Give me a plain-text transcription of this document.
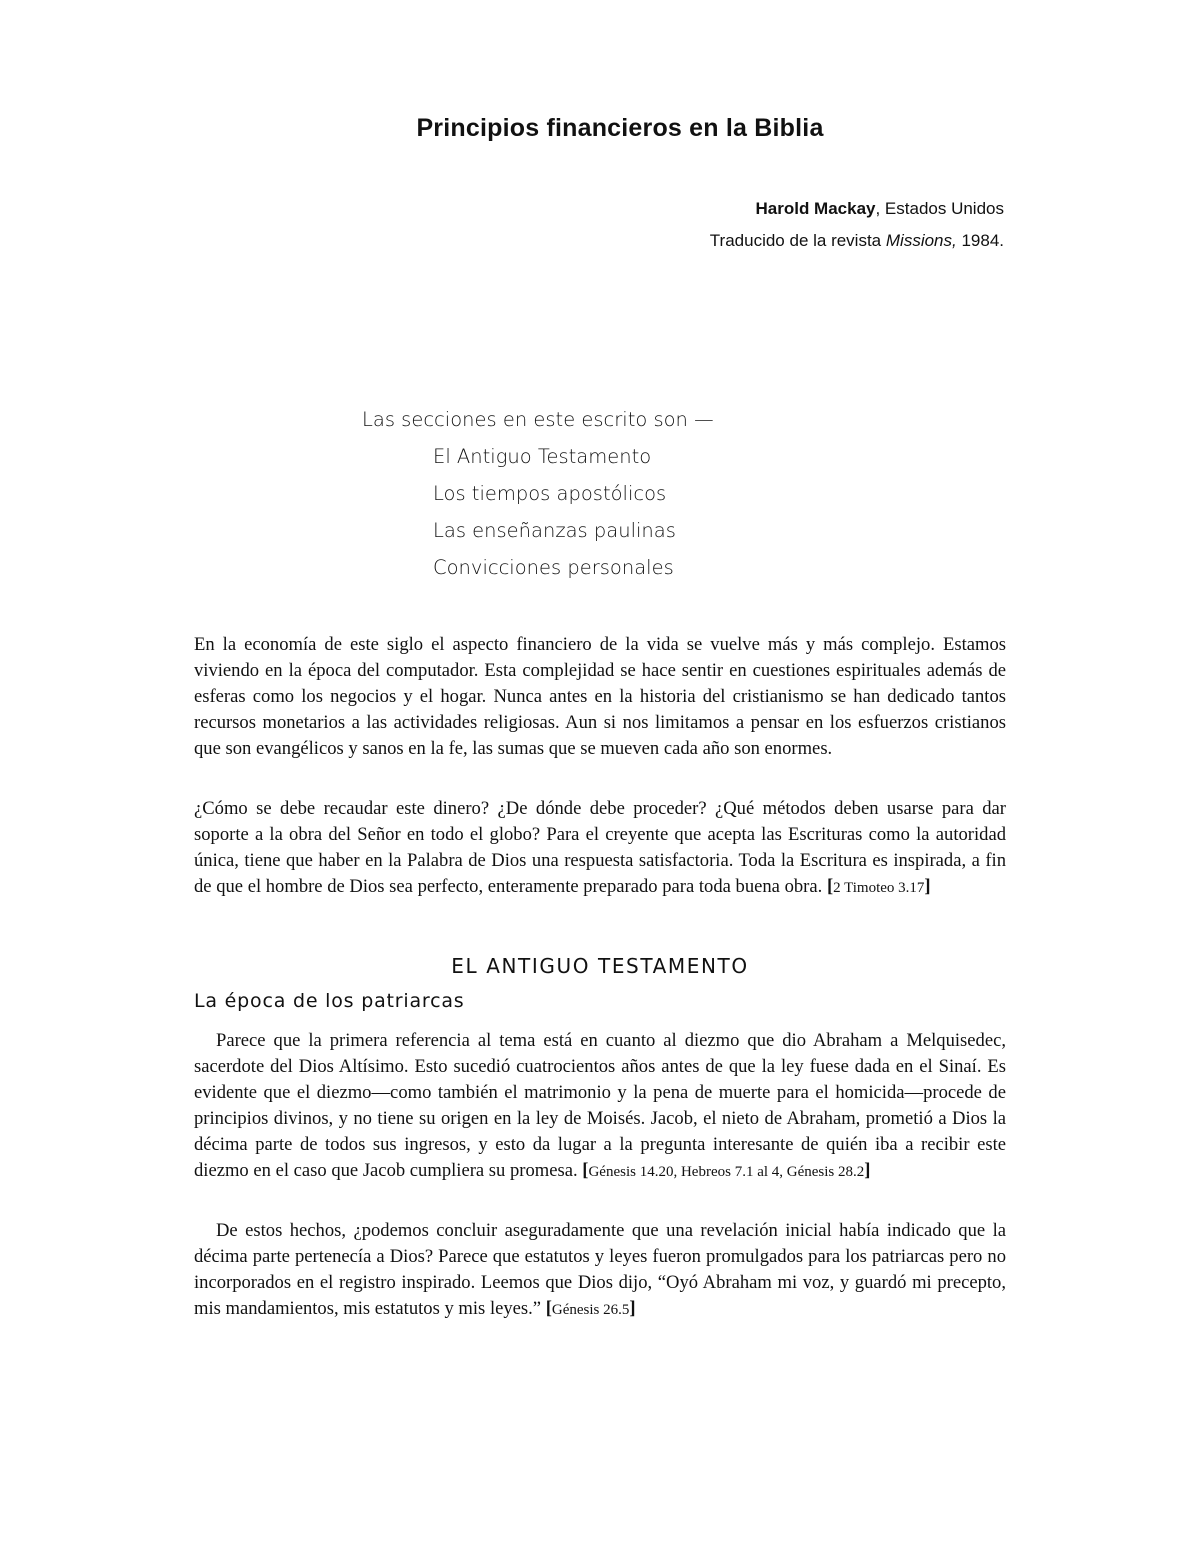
Principios financieros en la Biblia
Harold Mackay, Estados Unidos
Traducido de la revista Missions, 1984.

Las secciones en este escrito son —

El Antiguo Testamento
Los tiempos apostólicos
Las enseñanzas paulinas
Convicciones personales

En la economía de este siglo el aspecto financiero de la vida se vuelve más y más complejo. Estamos viviendo en la época del computador. Esta complejidad se hace sentir en cuestiones espirituales además de esferas como los negocios y el hogar. Nunca antes en la historia del cristianismo se han dedicado tantos recursos monetarios a las actividades religiosas. Aun si nos limitamos a pensar en los esfuerzos cristianos que son evangélicos y sanos en la fe, las sumas que se mueven cada año son enormes.

¿Cómo se debe recaudar este dinero? ¿De dónde debe proceder? ¿Qué métodos deben usarse para dar soporte a la obra del Señor en todo el globo? Para el creyente que acepta las Escrituras como la autoridad única, tiene que haber en la Palabra de Dios una respuesta satisfactoria. Toda la Escritura es inspirada, a fin de que el hombre de Dios sea perfecto, enteramente preparado para toda buena obra. [2 Timoteo 3.17]

EL ANTIGUO TESTAMENTO
La época de los patriarcas

Parece que la primera referencia al tema está en cuanto al diezmo que dio Abraham a Melquisedec, sacerdote del Dios Altísimo. Esto sucedió cuatrocientos años antes de que la ley fuese dada en el Sinaí. Es evidente que el diezmo—como también el matrimonio y la pena de muerte para el homicida—procede de principios divinos, y no tiene su origen en la ley de Moisés. Jacob, el nieto de Abraham, prometió a Dios la décima parte de todos sus ingresos, y esto da lugar a la pregunta interesante de quién iba a recibir este diezmo en el caso que Jacob cumpliera su promesa. [Génesis 14.20, Hebreos 7.1 al 4, Génesis 28.2]

De estos hechos, ¿podemos concluir aseguradamente que una revelación inicial había indicado que la décima parte pertenecía a Dios? Parece que estatutos y leyes fueron promulgados para los patriarcas pero no incorporados en el registro inspirado. Leemos que Dios dijo, “Oyó Abraham mi voz, y guardó mi precepto, mis mandamientos, mis estatutos y mis leyes.” [Génesis 26.5]
